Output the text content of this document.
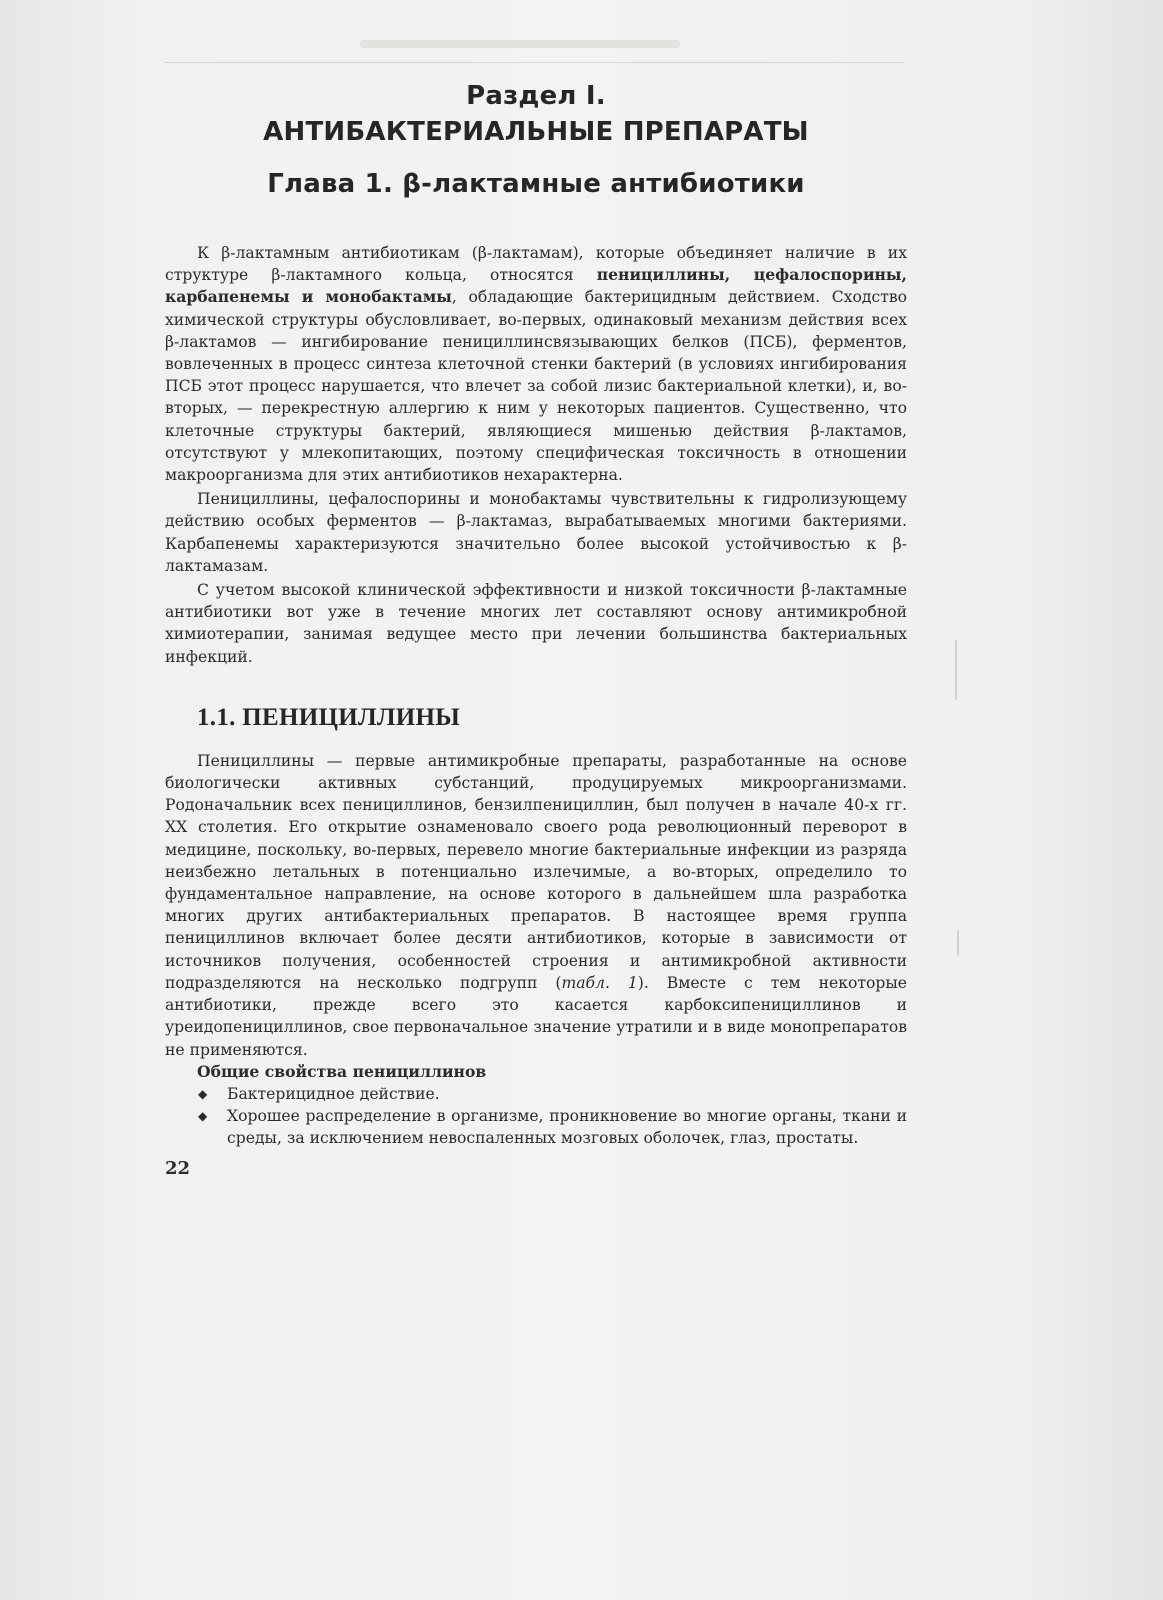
Раздел I.
АНТИБАКТЕРИАЛЬНЫЕ ПРЕПАРАТЫ
Глава 1. β-лактамные антибиотики

К β-лактамным антибиотикам (β-лактамам), которые объединяет наличие в их структуре β-лактамного кольца, относятся пенициллины, цефалоспорины, карбапенемы и монобактамы, обладающие бактерицидным действием. Сходство химической структуры обусловливает, во-первых, одинаковый механизм действия всех β-лактамов — ингибирование пенициллинсвязывающих белков (ПСБ), ферментов, вовлеченных в процесс синтеза клеточной стенки бактерий (в условиях ингибирования ПСБ этот процесс нарушается, что влечет за собой лизис бактериальной клетки), и, во-вторых, — перекрестную аллергию к ним у некоторых пациентов. Существенно, что клеточные структуры бактерий, являющиеся мишенью действия β-лактамов, отсутствуют у млекопитающих, поэтому специфическая токсичность в отношении макроорганизма для этих антибиотиков нехарактерна.

Пенициллины, цефалоспорины и монобактамы чувствительны к гидролизующему действию особых ферментов — β-лактамаз, вырабатываемых многими бактериями. Карбапенемы характеризуются значительно более высокой устойчивостью к β-лактамазам.

С учетом высокой клинической эффективности и низкой токсичности β-лактамные антибиотики вот уже в течение многих лет составляют основу антимикробной химиотерапии, занимая ведущее место при лечении большинства бактериальных инфекций.

1.1. ПЕНИЦИЛЛИНЫ

Пенициллины — первые антимикробные препараты, разработанные на основе биологически активных субстанций, продуцируемых микроорганизмами. Родоначальник всех пенициллинов, бензилпенициллин, был получен в начале 40-х гг. XX столетия. Его открытие ознаменовало своего рода революционный переворот в медицине, поскольку, во-первых, перевело многие бактериальные инфекции из разряда неизбежно летальных в потенциально излечимые, а во-вторых, определило то фундаментальное направление, на основе которого в дальнейшем шла разработка многих других антибактериальных препаратов. В настоящее время группа пенициллинов включает более десяти антибиотиков, которые в зависимости от источников получения, особенностей строения и антимикробной активности подразделяются на несколько подгрупп (табл. 1). Вместе с тем некоторые антибиотики, прежде всего это касается карбоксипенициллинов и уреидопенициллинов, свое первоначальное значение утратили и в виде монопрепаратов не применяются.

Общие свойства пенициллинов
◆ Бактерицидное действие.
◆ Хорошее распределение в организме, проникновение во многие органы, ткани и среды, за исключением невоспаленных мозговых оболочек, глаз, простаты.
22
